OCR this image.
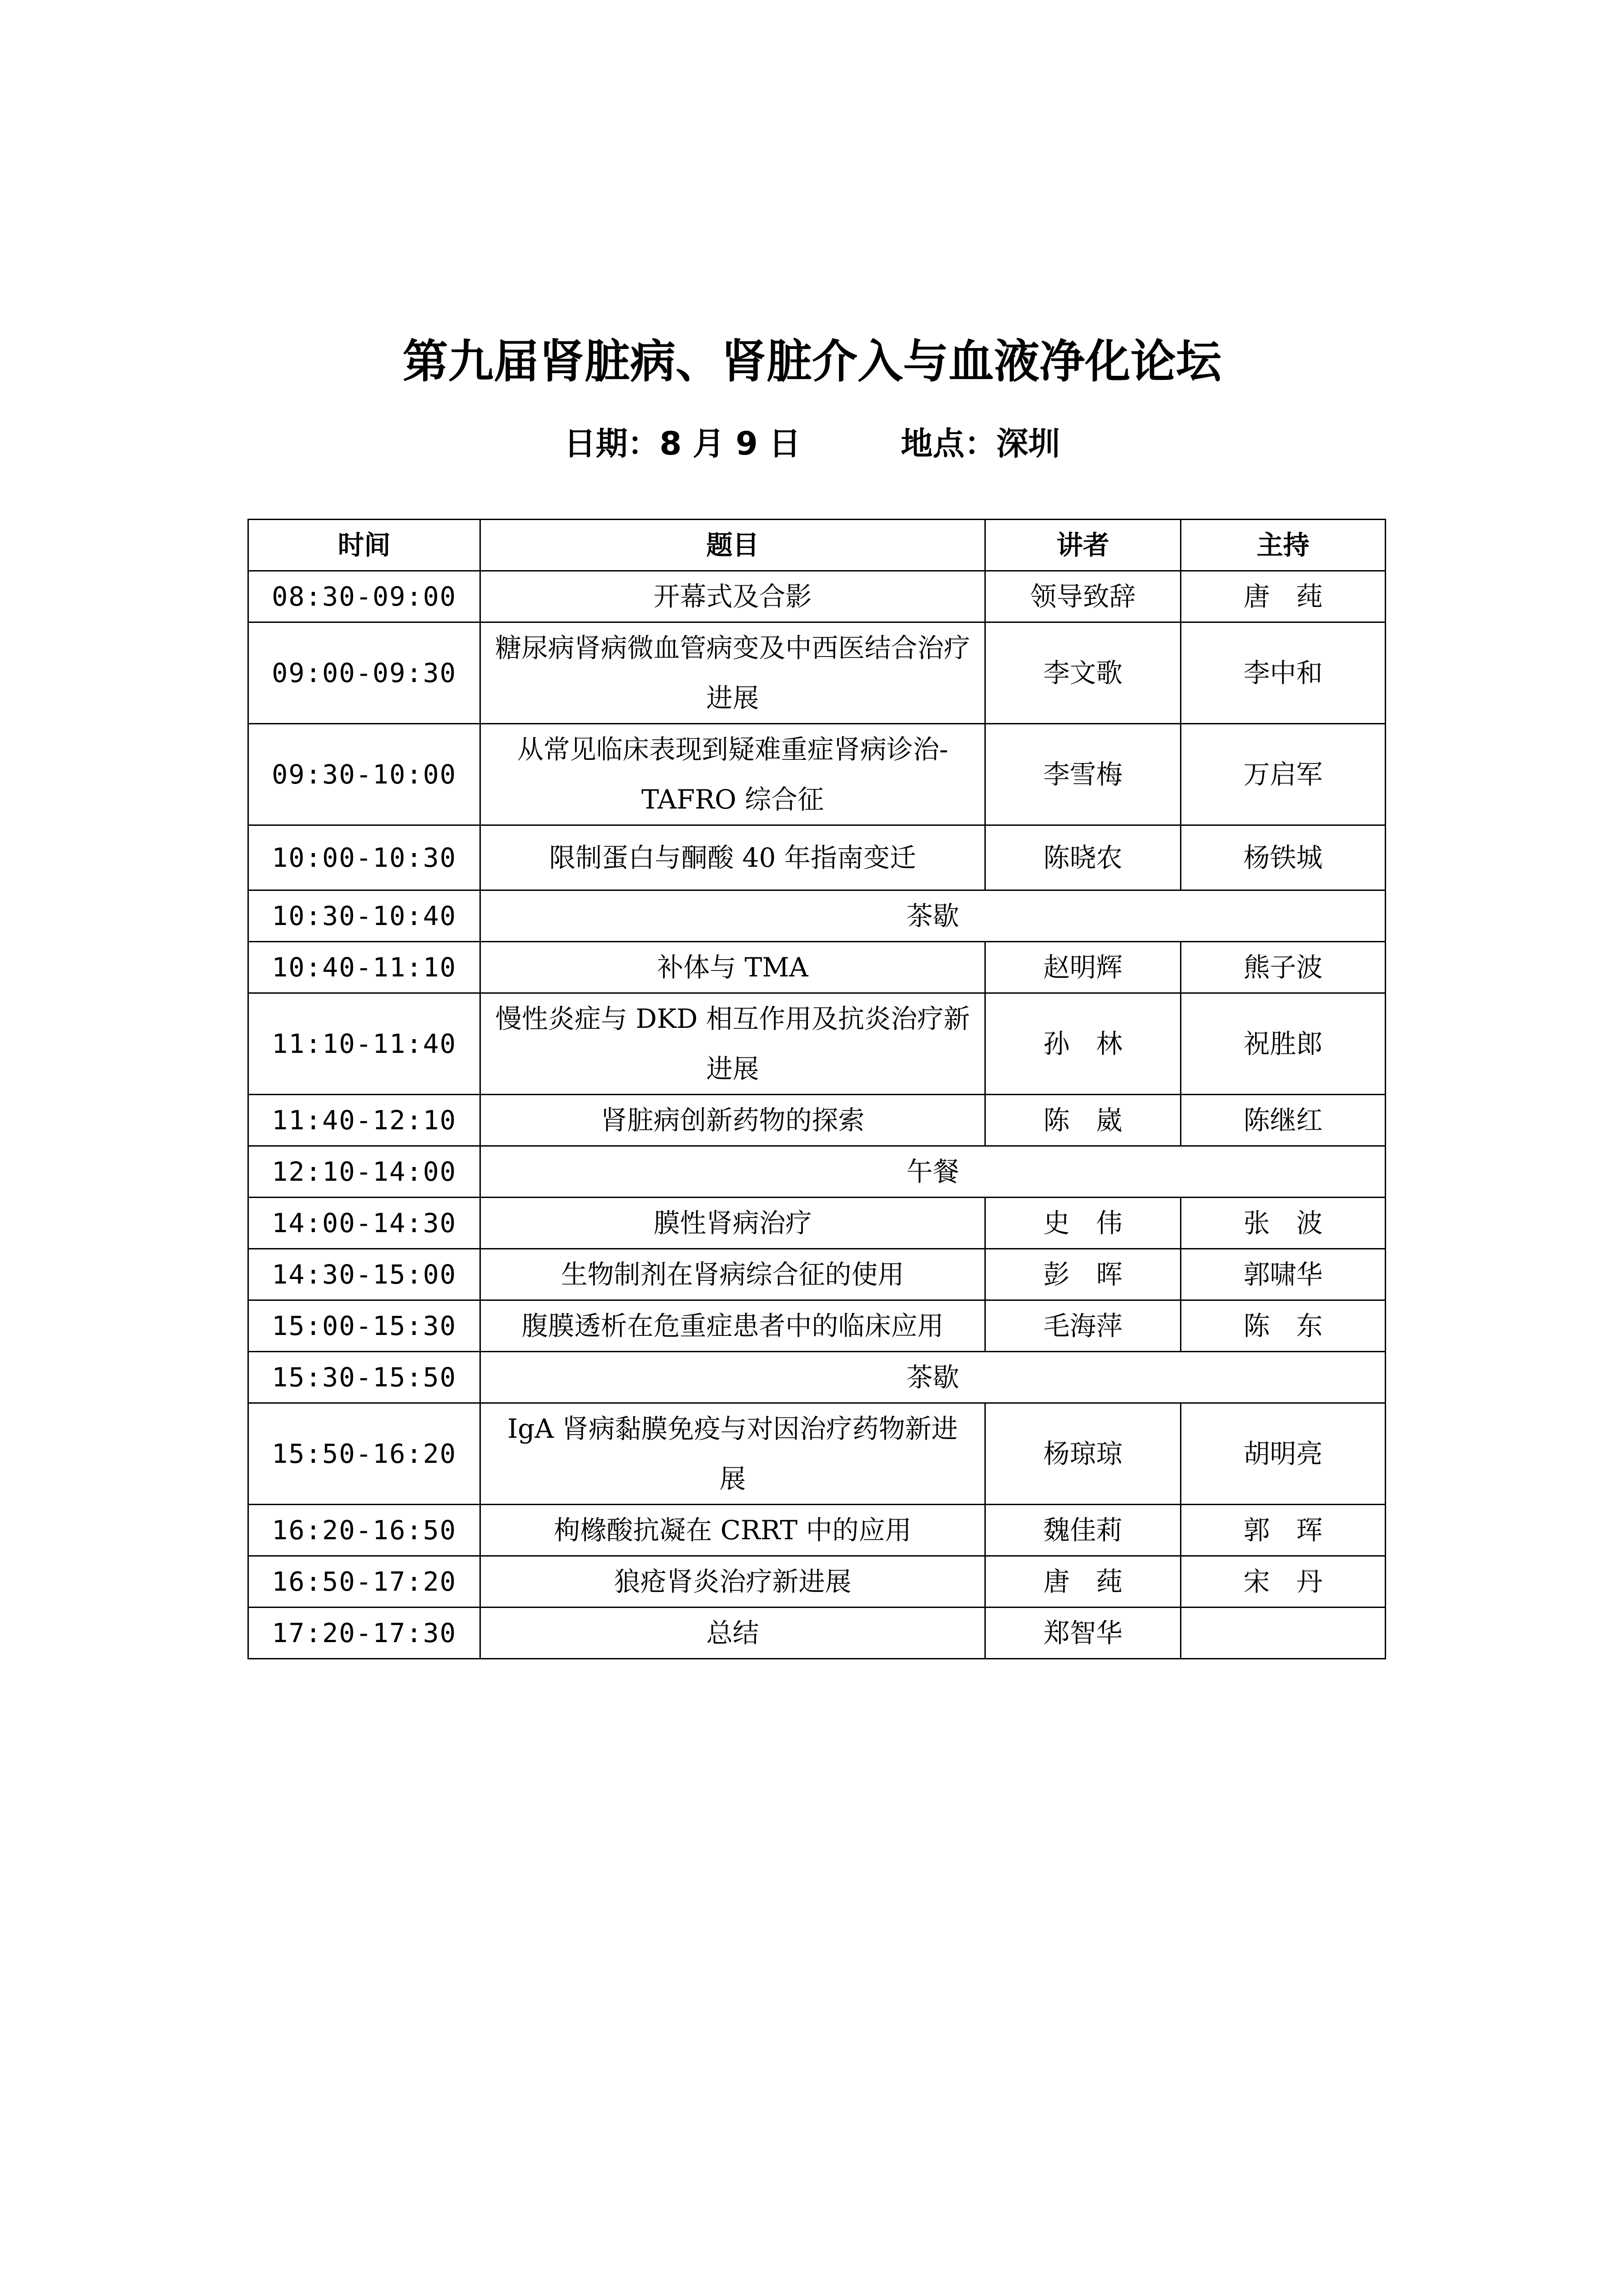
第九届肾脏病、肾脏介入与血液净化论坛
日期：8 月 9 日	地点：深圳
时间	题目	讲者	主持
08:30-09:00	开幕式及合影	领导致辞	唐　莼
09:00-09:30	糖尿病肾病微血管病变及中西医结合治疗进展	李文歌	李中和
09:30-10:00	从常见临床表现到疑难重症肾病诊治-TAFRO 综合征	李雪梅	万启军
10:00-10:30	限制蛋白与酮酸 40 年指南变迁	陈晓农	杨铁城
10:30-10:40	茶歇		
10:40-11:10	补体与 TMA	赵明辉	熊子波
11:10-11:40	慢性炎症与 DKD 相互作用及抗炎治疗新进展	孙　林	祝胜郎
11:40-12:10	肾脏病创新药物的探索	陈　崴	陈继红
12:10-14:00	午餐		
14:00-14:30	膜性肾病治疗	史　伟	张　波
14:30-15:00	生物制剂在肾病综合征的使用	彭　晖	郭啸华
15:00-15:30	腹膜透析在危重症患者中的临床应用	毛海萍	陈　东
15:30-15:50	茶歇		
15:50-16:20	IgA 肾病黏膜免疫与对因治疗药物新进展	杨琼琼	胡明亮
16:20-16:50	枸橼酸抗凝在 CRRT 中的应用	魏佳莉	郭　珲
16:50-17:20	狼疮肾炎治疗新进展	唐　莼	宋　丹
17:20-17:30	总结	郑智华	
